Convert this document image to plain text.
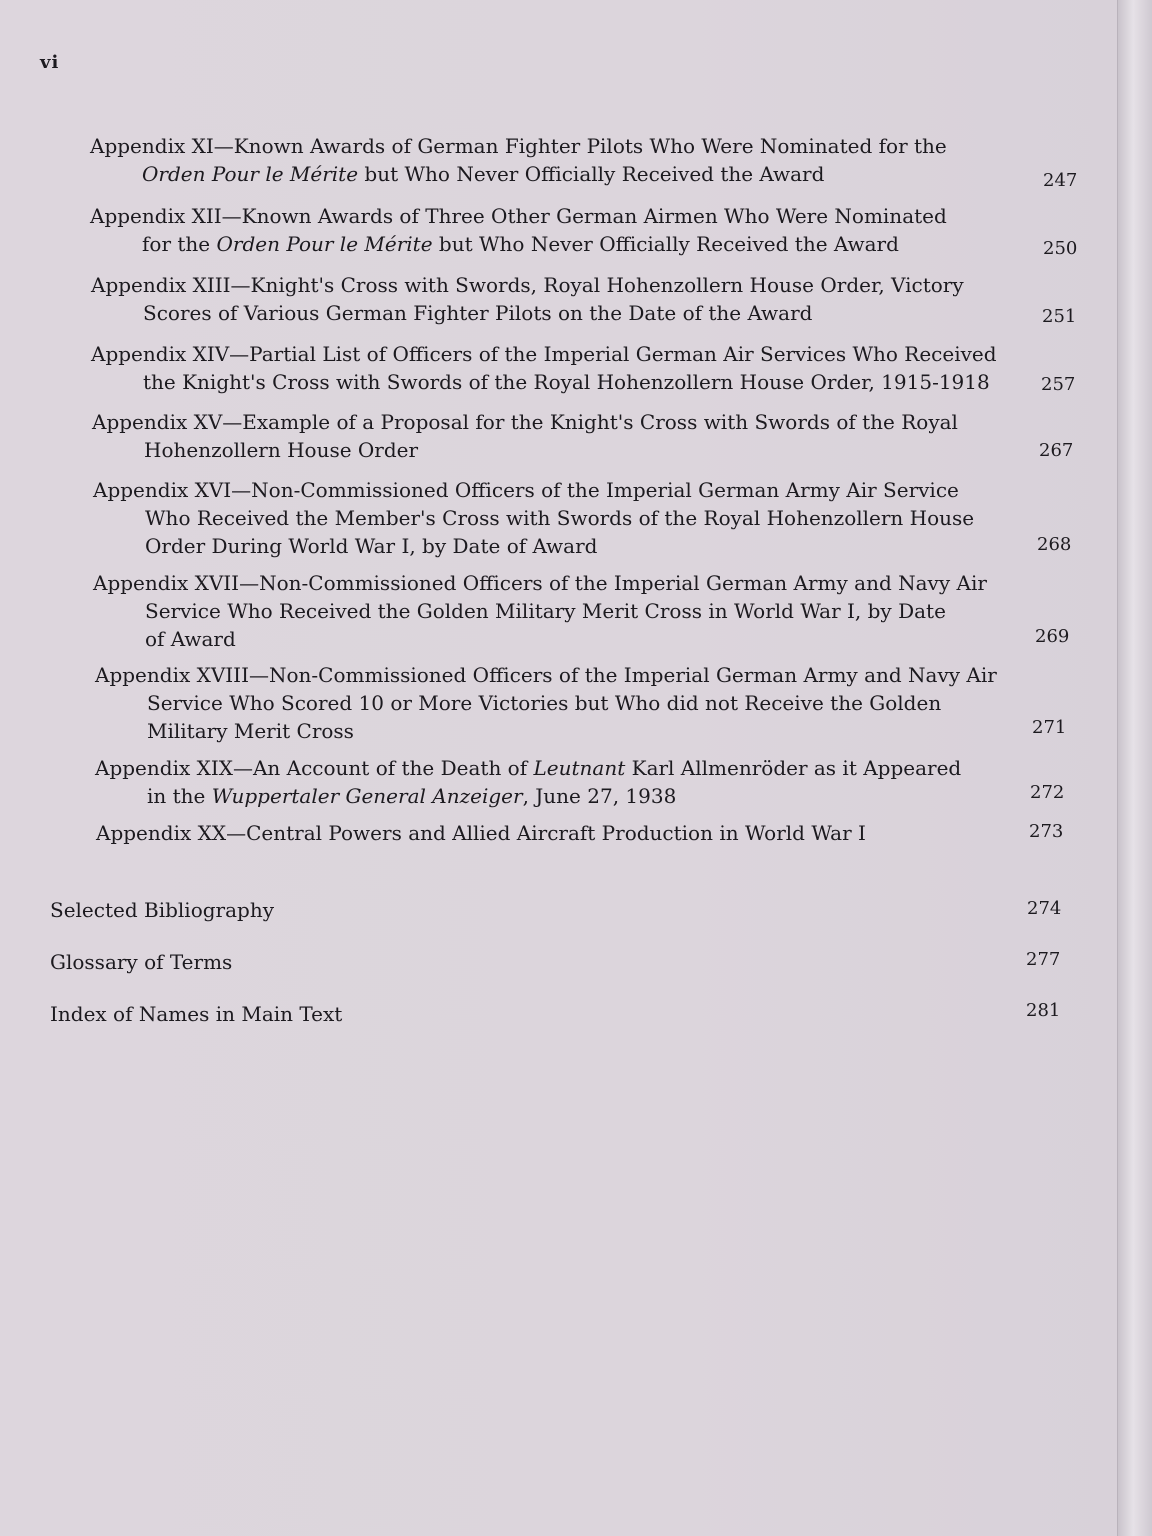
vi
Appendix XI—Known Awards of German Fighter Pilots Who Were Nominated for the
Orden Pour le Mérite but Who Never Officially Received the Award	247
Appendix XII—Known Awards of Three Other German Airmen Who Were Nominated
for the Orden Pour le Mérite but Who Never Officially Received the Award	250
Appendix XIII—Knight's Cross with Swords, Royal Hohenzollern House Order, Victory
Scores of Various German Fighter Pilots on the Date of the Award	251
Appendix XIV—Partial List of Officers of the Imperial German Air Services Who Received
the Knight's Cross with Swords of the Royal Hohenzollern House Order, 1915-1918	257
Appendix XV—Example of a Proposal for the Knight's Cross with Swords of the Royal
Hohenzollern House Order	267
Appendix XVI—Non-Commissioned Officers of the Imperial German Army Air Service
Who Received the Member's Cross with Swords of the Royal Hohenzollern House
Order During World War I, by Date of Award	268
Appendix XVII—Non-Commissioned Officers of the Imperial German Army and Navy Air
Service Who Received the Golden Military Merit Cross in World War I, by Date
of Award	269
Appendix XVIII—Non-Commissioned Officers of the Imperial German Army and Navy Air
Service Who Scored 10 or More Victories but Who did not Receive the Golden
Military Merit Cross	271
Appendix XIX—An Account of the Death of Leutnant Karl Allmenröder as it Appeared
in the Wuppertaler General Anzeiger, June 27, 1938	272
Appendix XX—Central Powers and Allied Aircraft Production in World War I	273
Selected Bibliography	274
Glossary of Terms	277
Index of Names in Main Text	281
